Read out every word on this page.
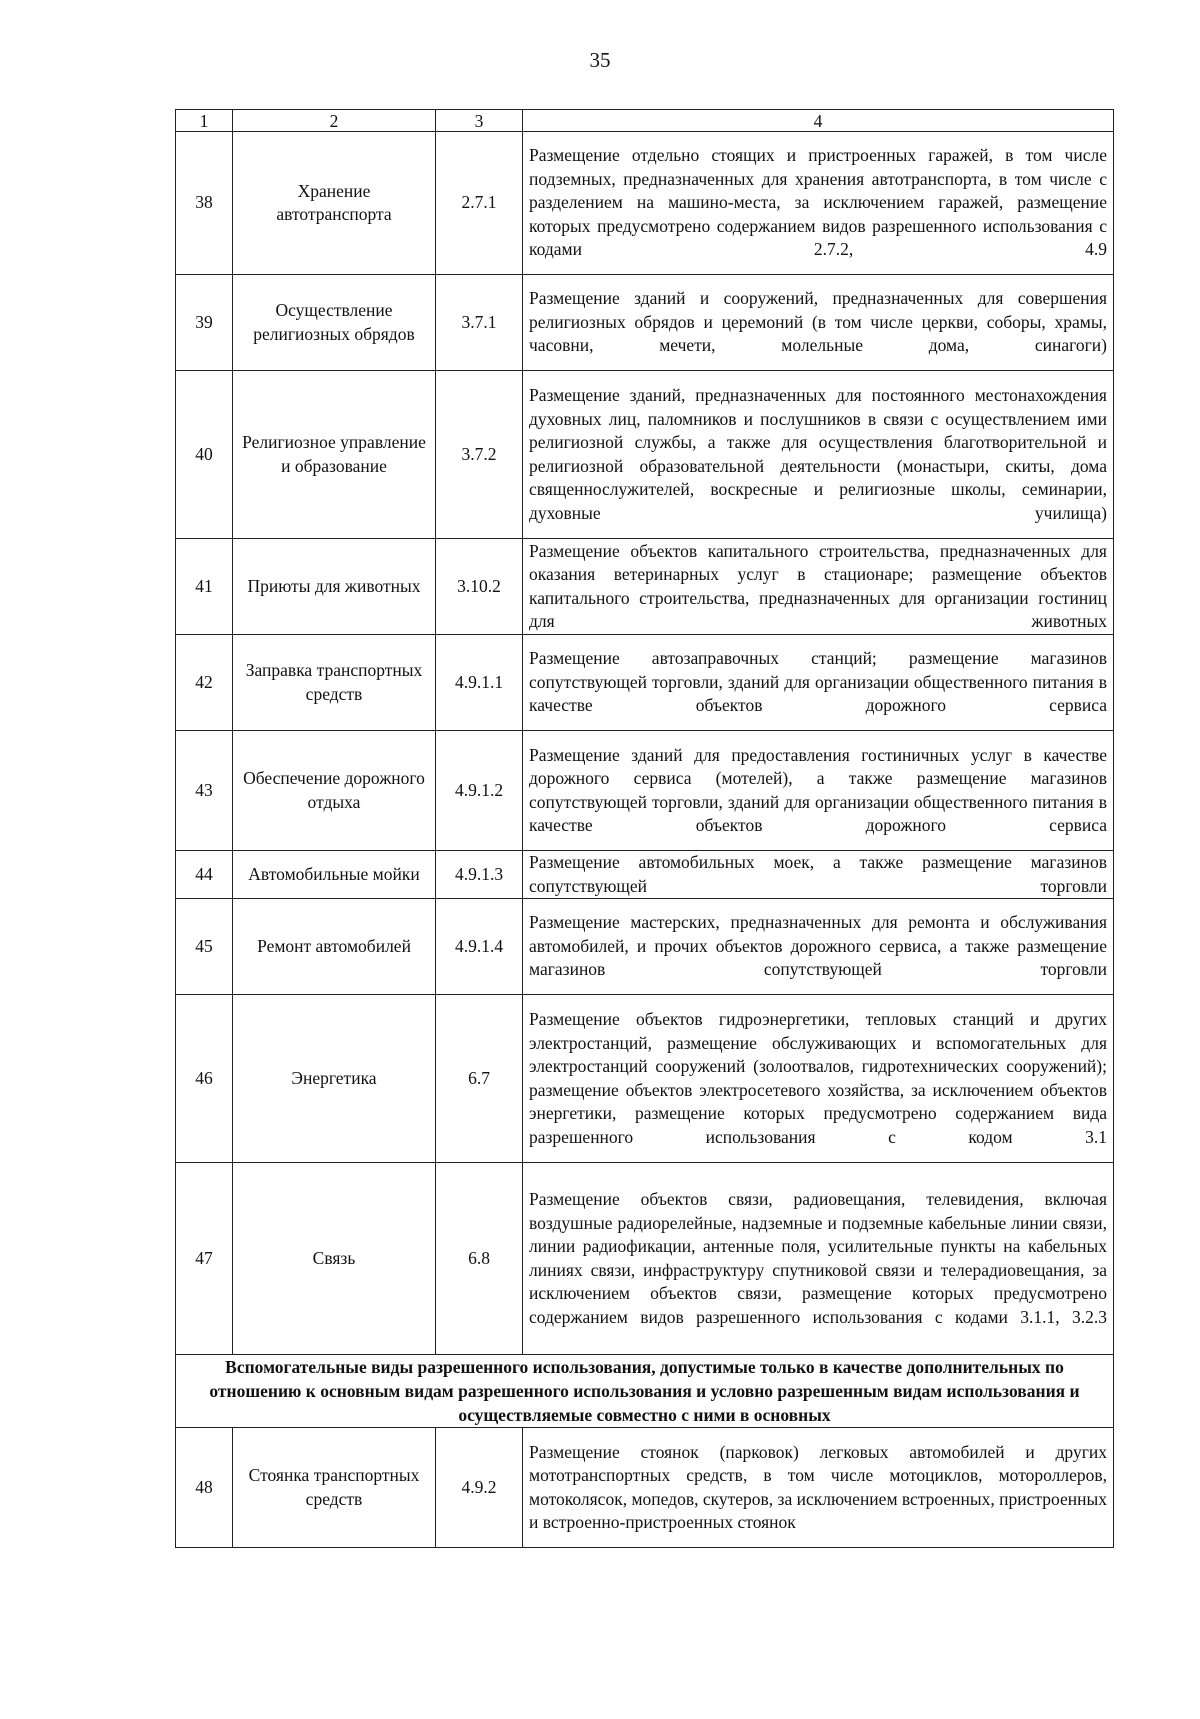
35
1	2	3	4
38	Хранение автотранспорта	2.7.1	Размещение отдельно стоящих и пристроенных гаражей, в том числе подземных, предназначенных для хранения автотранспорта, в том числе с разделением на машино-места, за исключением гаражей, размещение которых предусмотрено содержанием видов разрешенного использования с кодами 2.7.2, 4.9
39	Осуществление религиозных обрядов	3.7.1	Размещение зданий и сооружений, предназначенных для совершения религиозных обрядов и церемоний (в том числе церкви, соборы, храмы, часовни, мечети, молельные дома, синагоги)
40	Религиозное управление и образование	3.7.2	Размещение зданий, предназначенных для постоянного местонахождения духовных лиц, паломников и послушников в связи с осуществлением ими религиозной службы, а также для осуществления благотворительной и религиозной образовательной деятельности (монастыри, скиты, дома священнослужителей, воскресные и религиозные школы, семинарии, духовные училища)
41	Приюты для животных	3.10.2	Размещение объектов капитального строительства, предназначенных для оказания ветеринарных услуг в стационаре; размещение объектов капитального строительства, предназначенных для организации гостиниц для животных
42	Заправка транспортных средств	4.9.1.1	Размещение автозаправочных станций; размещение магазинов сопутствующей торговли, зданий для организации общественного питания в качестве объектов дорожного сервиса
43	Обеспечение дорожного отдыха	4.9.1.2	Размещение зданий для предоставления гостиничных услуг в качестве дорожного сервиса (мотелей), а также размещение магазинов сопутствующей торговли, зданий для организации общественного питания в качестве объектов дорожного сервиса
44	Автомобильные мойки	4.9.1.3	Размещение автомобильных моек, а также размещение магазинов сопутствующей торговли
45	Ремонт автомобилей	4.9.1.4	Размещение мастерских, предназначенных для ремонта и обслуживания автомобилей, и прочих объектов дорожного сервиса, а также размещение магазинов сопутствующей торговли
46	Энергетика	6.7	Размещение объектов гидроэнергетики, тепловых станций и других электростанций, размещение обслуживающих и вспомогательных для электростанций сооружений (золоотвалов, гидротехнических сооружений); размещение объектов электросетевого хозяйства, за исключением объектов энергетики, размещение которых предусмотрено содержанием вида разрешенного использования с кодом 3.1
47	Связь	6.8	Размещение объектов связи, радиовещания, телевидения, включая воздушные радиорелейные, надземные и подземные кабельные линии связи, линии радиофикации, антенные поля, усилительные пункты на кабельных линиях связи, инфраструктуру спутниковой связи и телерадиовещания, за исключением объектов связи, размещение которых предусмотрено содержанием видов разрешенного использования с кодами 3.1.1, 3.2.3
Вспомогательные виды разрешенного использования, допустимые только в качестве дополнительных по отношению к основным видам разрешенного использования и условно разрешенным видам использования и осуществляемые совместно с ними в основных			
48	Стоянка транспортных средств	4.9.2	Размещение стоянок (парковок) легковых автомобилей и других мототранспортных средств, в том числе мотоциклов, мотороллеров, мотоколясок, мопедов, скутеров, за исключением встроенных, пристроенных и встроенно-пристроенных стоянок
